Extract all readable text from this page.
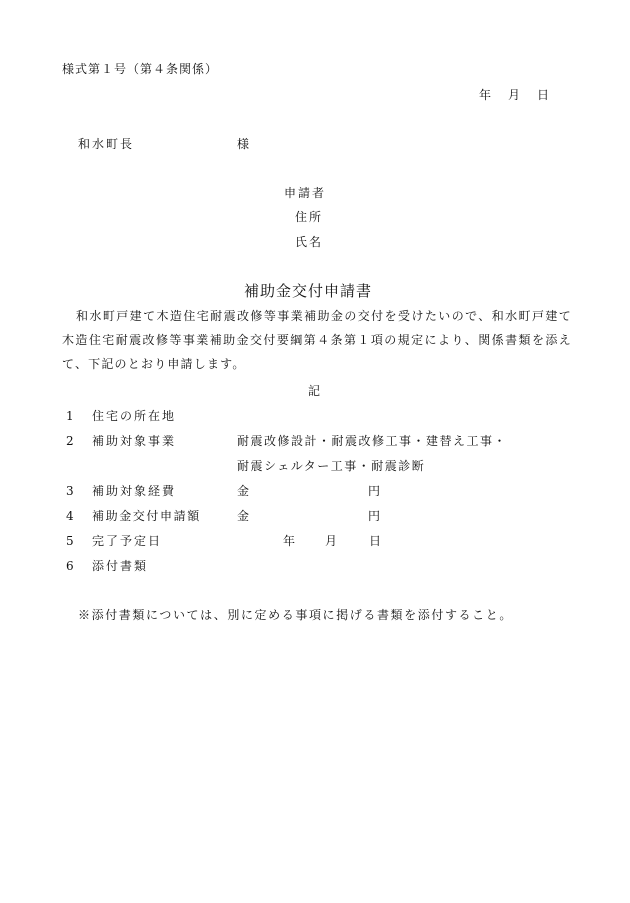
様式第１号（第４条関係）
年 月 日
和水町長	様
申請者
住所
氏名
補助金交付申請書

和水町戸建て木造住宅耐震改修等事業補助金の交付を受けたいので、和水町戸建て木造住宅耐震改修等事業補助金交付要綱第４条第１項の規定により、関係書類を添えて、下記のとおり申請します。

記
1 住宅の所在地
2 補助対象事業	耐震改修設計・耐震改修工事・建替え工事・
耐震シェルター工事・耐震診断
3 補助対象経費	金	円
4 補助金交付申請額	金	円
5 完了予定日	年 月 日
6 添付書類
※添付書類については、別に定める事項に掲げる書類を添付すること。
